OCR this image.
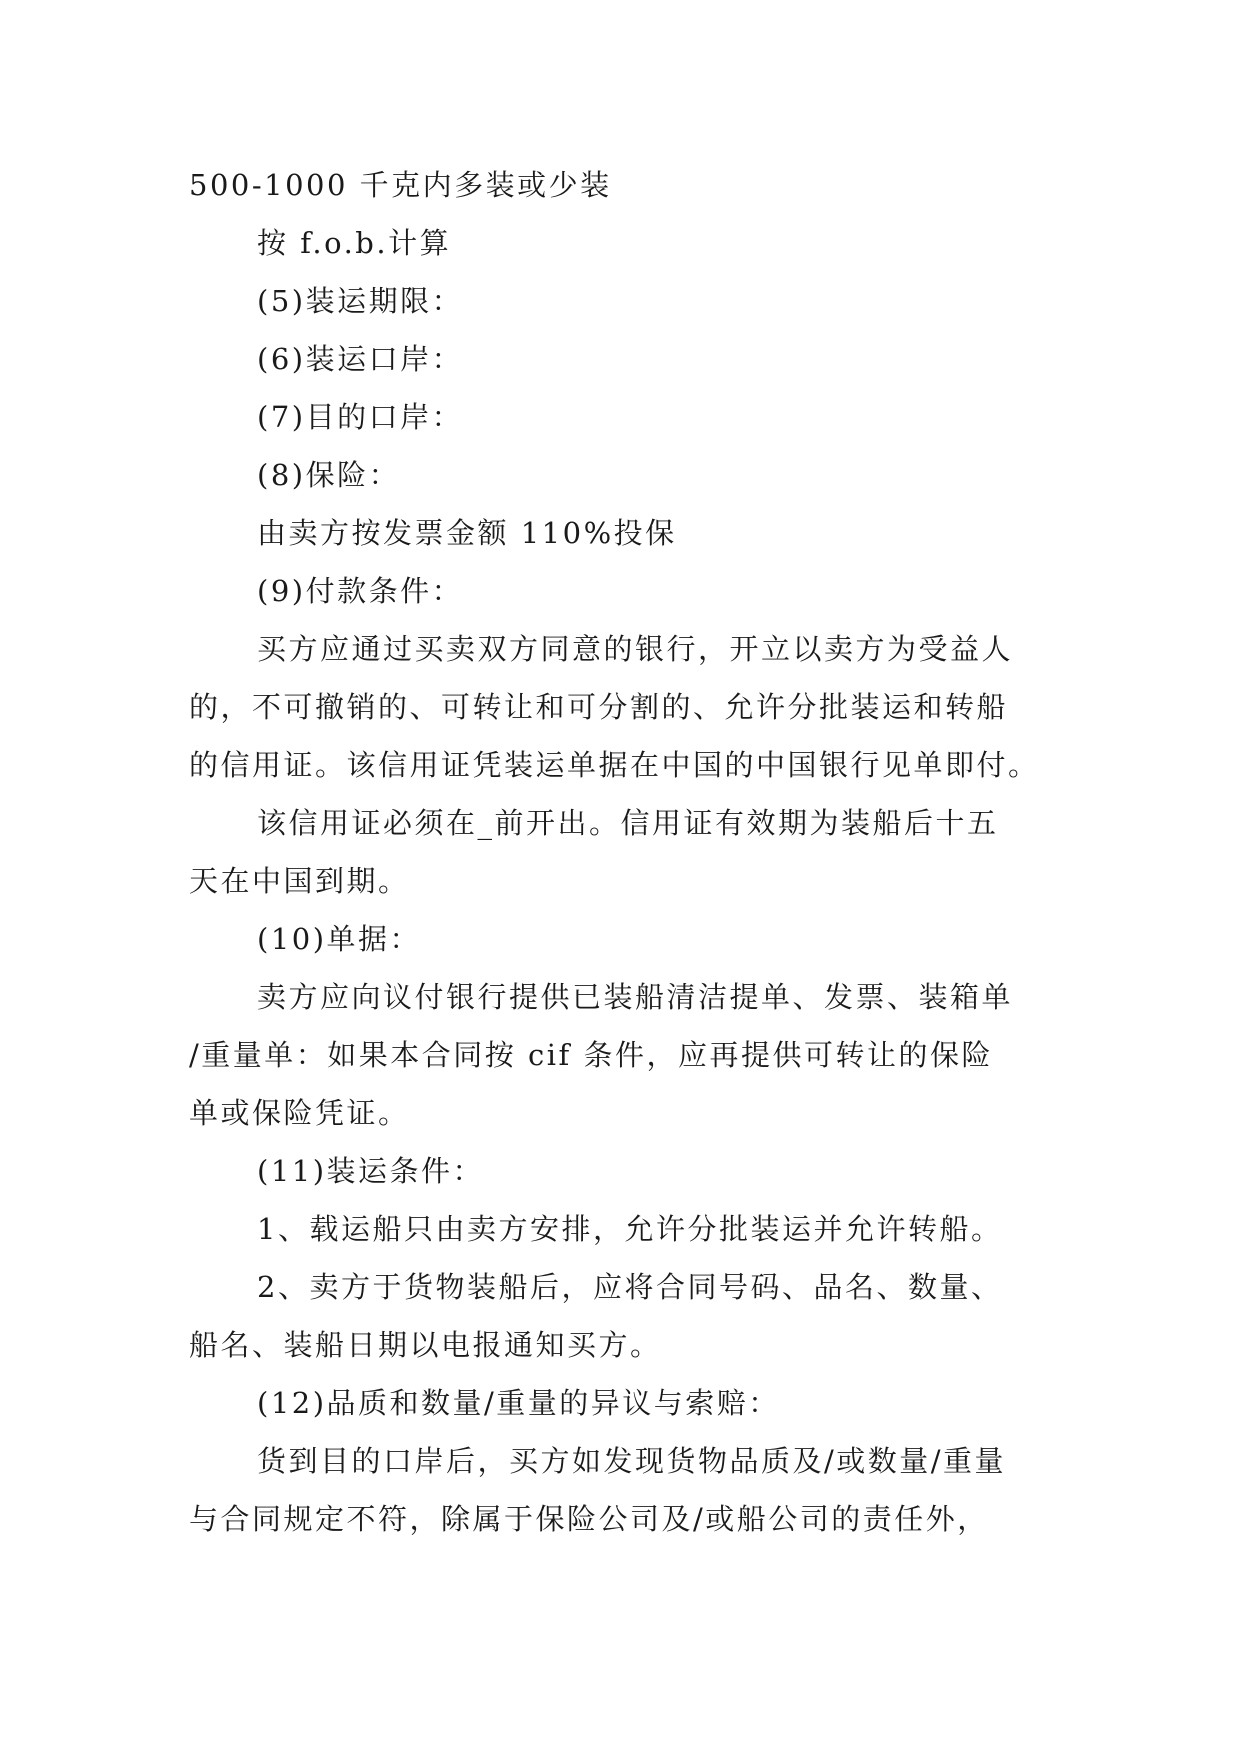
500-1000 千克内多装或少装
按 f.o.b.计算
(5)装运期限：
(6)装运口岸：
(7)目的口岸：
(8)保险：
由卖方按发票金额 110%投保
(9)付款条件：
买方应通过买卖双方同意的银行，开立以卖方为受益人
的，不可撤销的、可转让和可分割的、允许分批装运和转船
的信用证。该信用证凭装运单据在中国的中国银行见单即付。
该信用证必须在_前开出。信用证有效期为装船后十五
天在中国到期。
(10)单据：
卖方应向议付银行提供已装船清洁提单、发票、装箱单
/重量单：如果本合同按 cif 条件，应再提供可转让的保险
单或保险凭证。
(11)装运条件：
1、载运船只由卖方安排，允许分批装运并允许转船。
2、卖方于货物装船后，应将合同号码、品名、数量、
船名、装船日期以电报通知买方。
(12)品质和数量/重量的异议与索赔：
货到目的口岸后，买方如发现货物品质及/或数量/重量
与合同规定不符，除属于保险公司及/或船公司的责任外，
